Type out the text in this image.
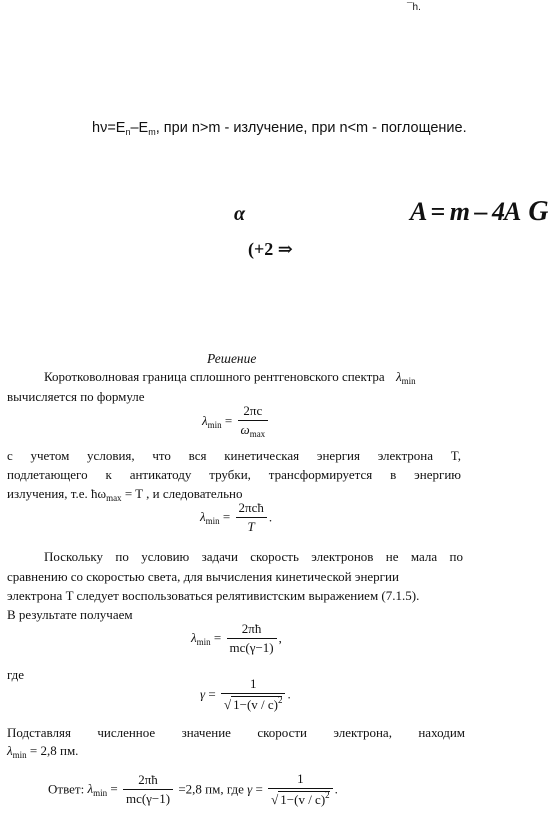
¯h.
$h\nu=E_n-E_m$, при n>m - излучение, при n<m - поглощение.
α	A = m – 4A G
(+2 ⇒
Решение
Коротковолновая граница сплошного рентгеновского спектра $\lambda_{min}$
вычисляется по формуле
$\lambda_{min} = \frac{2\pi c}{\omega_{max}}$
с учетом условия, что вся кинетическая энергия электрона T,
подлетающего к антикатоду трубки, трансформируется в энергию
излучения, т.е. $ħ\omega_{max} = T$ , и следовательно
$\lambda_{min} = \frac{\text{2πcħ}}{T}$ .
Поскольку по условию задачи скорость электронов не мала по
сравнению со скоростью света, для вычисления кинетической энергии
электрона T следует воспользоваться релятивистским выражением (7.1.5).
В результате получаем
$\lambda_{min} = \frac{2\pi ħ}{mc(\gamma-1)}$ ,
где
$\gamma = \frac{1}{√ 1-(v / c)^2}$ .
Подставляя численное значение скорости электрона, находим
$\lambda_{min} = 2,8$ пм.
Ответ: $\lambda_{min} = \frac{2\pi ħ}{mc(\gamma-1)} =2,8$ пм, где $\gamma = \frac{1}{√ 1-(v / c)^2}$ .
